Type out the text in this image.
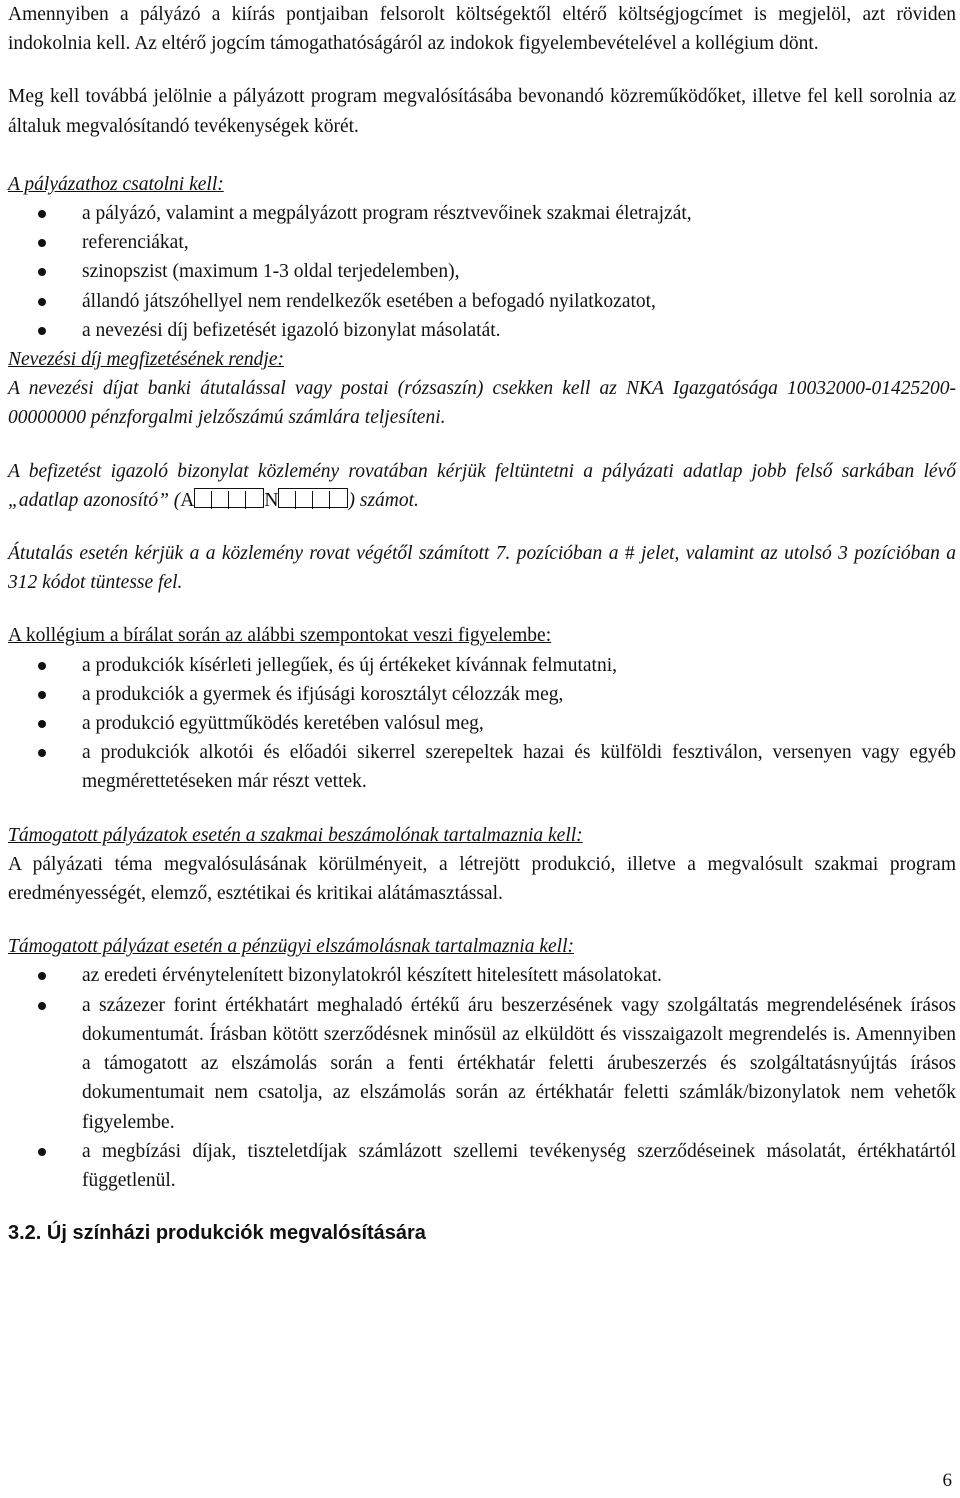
Amennyiben a pályázó a kiírás pontjaiban felsorolt költségektől eltérő költségjogcímet is megjelöl, azt röviden indokolnia kell. Az eltérő jogcím támogathatóságáról az indokok figyelembevételével a kollégium dönt.

Meg kell továbbá jelölnie a pályázott program megvalósításába bevonandó közreműködőket, illetve fel kell sorolnia az általuk megvalósítandó tevékenységek körét.

A pályázathoz csatolni kell:

a pályázó, valamint a megpályázott program résztvevőinek szakmai életrajzát,
referenciákat,
szinopszist (maximum 1-3 oldal terjedelemben),
állandó játszóhellyel nem rendelkezők esetében a befogadó nyilatkozatot,
a nevezési díj befizetését igazoló bizonylat másolatát.

Nevezési díj megfizetésének rendje:

A nevezési díjat banki átutalással vagy postai (rózsaszín) csekken kell az NKA Igazgatósága 10032000-01425200-00000000 pénzforgalmi jelzőszámú számlára teljesíteni.

A befizetést igazoló bizonylat közlemény rovatában kérjük feltüntetni a pályázati adatlap jobb felső sarkában lévő „adatlap azonosító” (A	N	) számot.

Átutalás esetén kérjük a a közlemény rovat végétől számított 7. pozícióban a # jelet, valamint az utolsó 3 pozícióban a 312 kódot tüntesse fel.

A kollégium a bírálat során az alábbi szempontokat veszi figyelembe:

a produkciók kísérleti jellegűek, és új értékeket kívánnak felmutatni,
a produkciók a gyermek és ifjúsági korosztályt célozzák meg,
a produkció együttműködés keretében valósul meg,
a produkciók alkotói és előadói sikerrel szerepeltek hazai és külföldi fesztiválon, versenyen vagy egyéb megmérettetéseken már részt vettek.

Támogatott pályázatok esetén a szakmai beszámolónak tartalmaznia kell:

A pályázati téma megvalósulásának körülményeit, a létrejött produkció, illetve a megvalósult szakmai program eredményességét, elemző, esztétikai és kritikai alátámasztással.

Támogatott pályázat esetén a pénzügyi elszámolásnak tartalmaznia kell:

az eredeti érvénytelenített bizonylatokról készített hitelesített másolatokat.
a százezer forint értékhatárt meghaladó értékű áru beszerzésének vagy szolgáltatás megrendelésének írásos dokumentumát. Írásban kötött szerződésnek minősül az elküldött és visszaigazolt megrendelés is. Amennyiben a támogatott az elszámolás során a fenti értékhatár feletti árubeszerzés és szolgáltatásnyújtás írásos dokumentumait nem csatolja, az elszámolás során az értékhatár feletti számlák/bizonylatok nem vehetők figyelembe.
a megbízási díjak, tiszteletdíjak számlázott szellemi tevékenység szerződéseinek másolatát, értékhatártól függetlenül.

3.2. Új színházi produkciók megvalósítására

6
